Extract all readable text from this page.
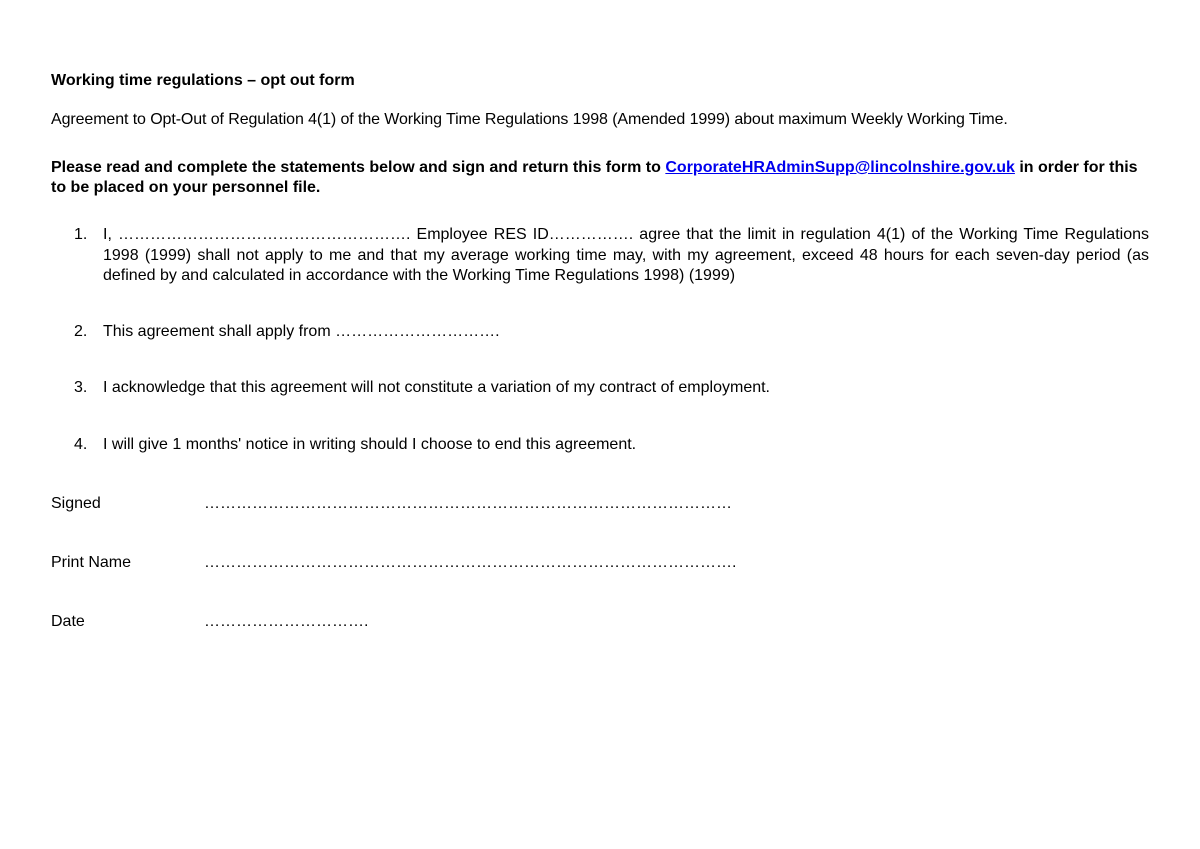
Working time regulations – opt out form
Agreement to Opt-Out of Regulation 4(1) of the Working Time Regulations 1998 (Amended 1999) about maximum Weekly Working Time.
Please read and complete the statements below and sign and return this form to CorporateHRAdminSupp@lincolnshire.gov.uk in order for this to be placed on your personnel file.
1. I, ………………………………………………. Employee RES ID……………. agree that the limit in regulation 4(1) of the Working Time Regulations 1998 (1999) shall not apply to me and that my average working time may, with my agreement, exceed 48 hours for each seven-day period (as defined by and calculated in accordance with the Working Time Regulations 1998) (1999)
2. This agreement shall apply from ………………………….
3. I acknowledge that this agreement will not constitute a variation of my contract of employment.
4. I will give 1 months' notice in writing should I choose to end this agreement.
Signed	………………………………………………………………………………………
Print Name	……………………………………………………………………………………….
Date	………………………….
